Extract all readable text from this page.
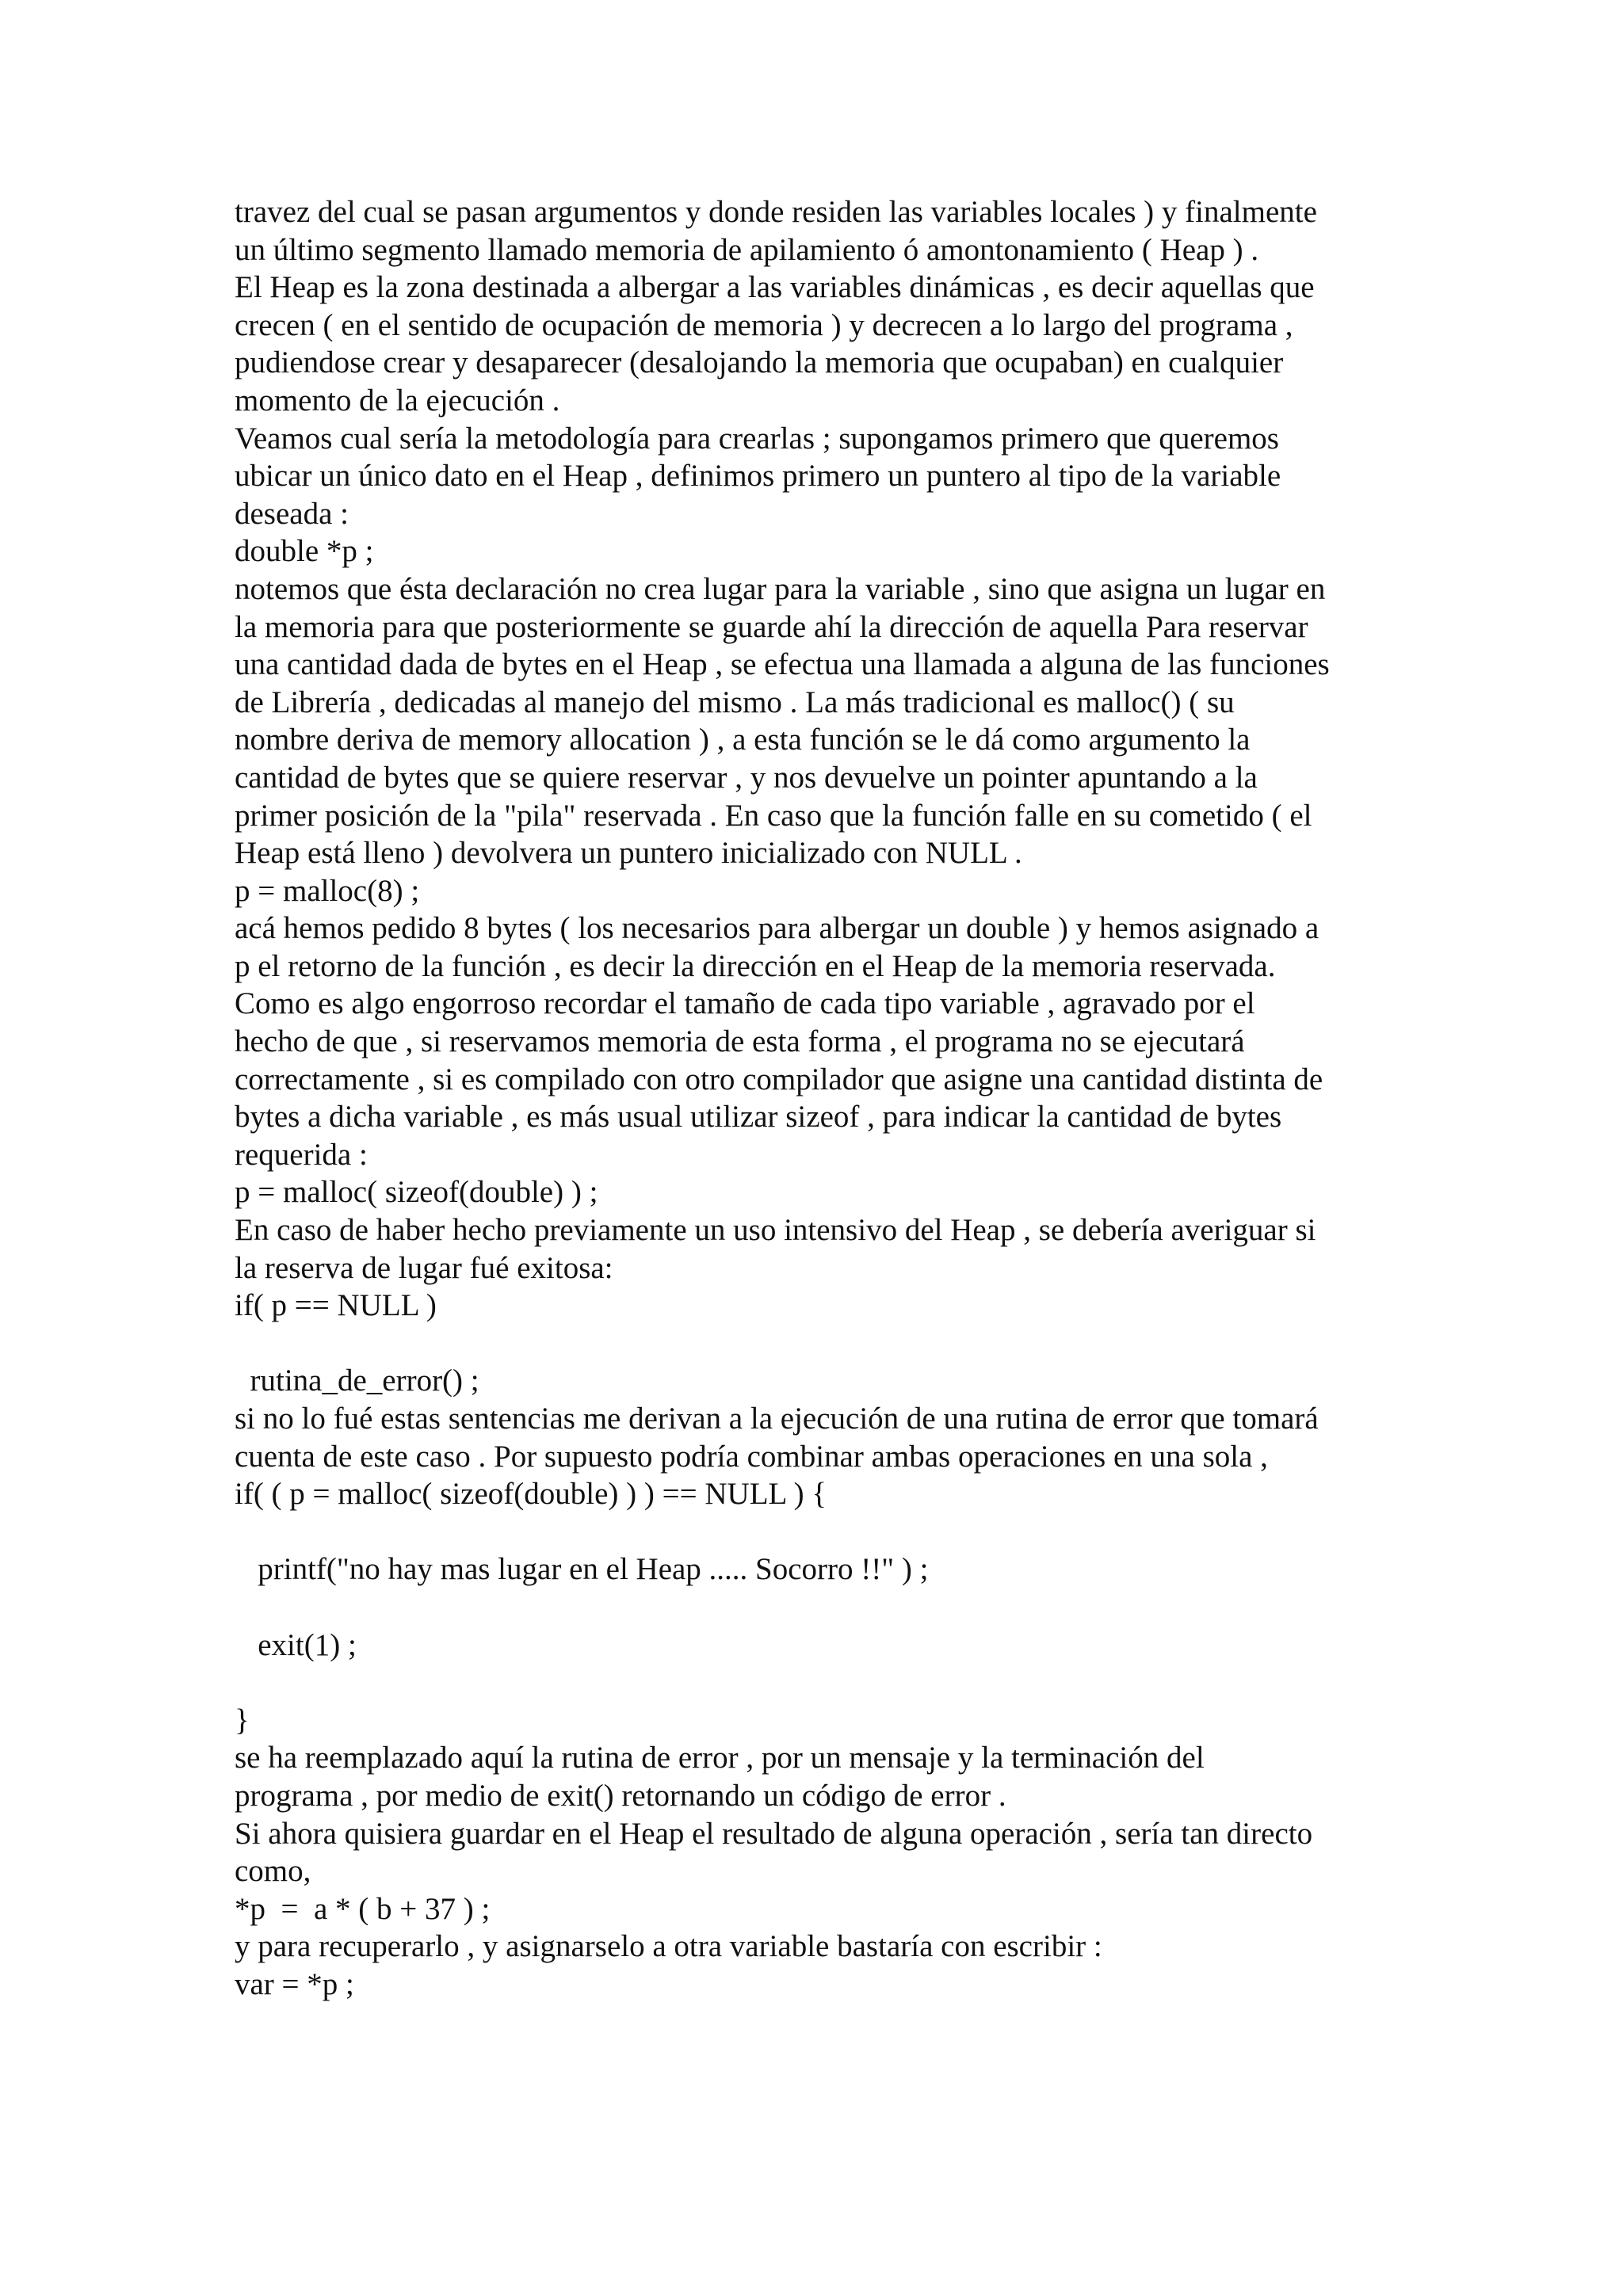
travez del cual se pasan argumentos y donde residen las variables locales ) y finalmente
un último segmento llamado memoria de apilamiento ó amontonamiento ( Heap ) .
El Heap es la zona destinada a albergar a las variables dinámicas , es decir aquellas que
crecen ( en el sentido de ocupación de memoria ) y decrecen a lo largo del programa ,
pudiendose crear y desaparecer (desalojando la memoria que ocupaban) en cualquier
momento de la ejecución .
Veamos cual sería la metodología para crearlas ; supongamos primero que queremos
ubicar un único dato en el Heap , definimos primero un puntero al tipo de la variable
deseada :
double *p ;
notemos que ésta declaración no crea lugar para la variable , sino que asigna un lugar en
la memoria para que posteriormente se guarde ahí la dirección de aquella Para reservar
una cantidad dada de bytes en el Heap , se efectua una llamada a alguna de las funciones
de Librería , dedicadas al manejo del mismo . La más tradicional es malloc() ( su
nombre deriva de memory allocation ) , a esta función se le dá como argumento la
cantidad de bytes que se quiere reservar , y nos devuelve un pointer apuntando a la
primer posición de la "pila" reservada . En caso que la función falle en su cometido ( el
Heap está lleno ) devolvera un puntero inicializado con NULL .
p = malloc(8) ;
acá hemos pedido 8 bytes ( los necesarios para albergar un double ) y hemos asignado a
p el retorno de la función , es decir la dirección en el Heap de la memoria reservada.
Como es algo engorroso recordar el tamaño de cada tipo variable , agravado por el
hecho de que , si reservamos memoria de esta forma , el programa no se ejecutará
correctamente , si es compilado con otro compilador que asigne una cantidad distinta de
bytes a dicha variable , es más usual utilizar sizeof , para indicar la cantidad de bytes
requerida :
p = malloc( sizeof(double) ) ;
En caso de haber hecho previamente un uso intensivo del Heap , se debería averiguar si
la reserva de lugar fué exitosa:
if( p == NULL )
rutina_de_error() ;
si no lo fué estas sentencias me derivan a la ejecución de una rutina de error que tomará
cuenta de este caso . Por supuesto podría combinar ambas operaciones en una sola ,
if( ( p = malloc( sizeof(double) ) ) == NULL ) {
printf("no hay mas lugar en el Heap ..... Socorro !!" ) ;
exit(1) ;
}
se ha reemplazado aquí la rutina de error , por un mensaje y la terminación del
programa , por medio de exit() retornando un código de error .
Si ahora quisiera guardar en el Heap el resultado de alguna operación , sería tan directo
como,
*p  =  a * ( b + 37 ) ;
y para recuperarlo , y asignarselo a otra variable bastaría con escribir :
var = *p ;
